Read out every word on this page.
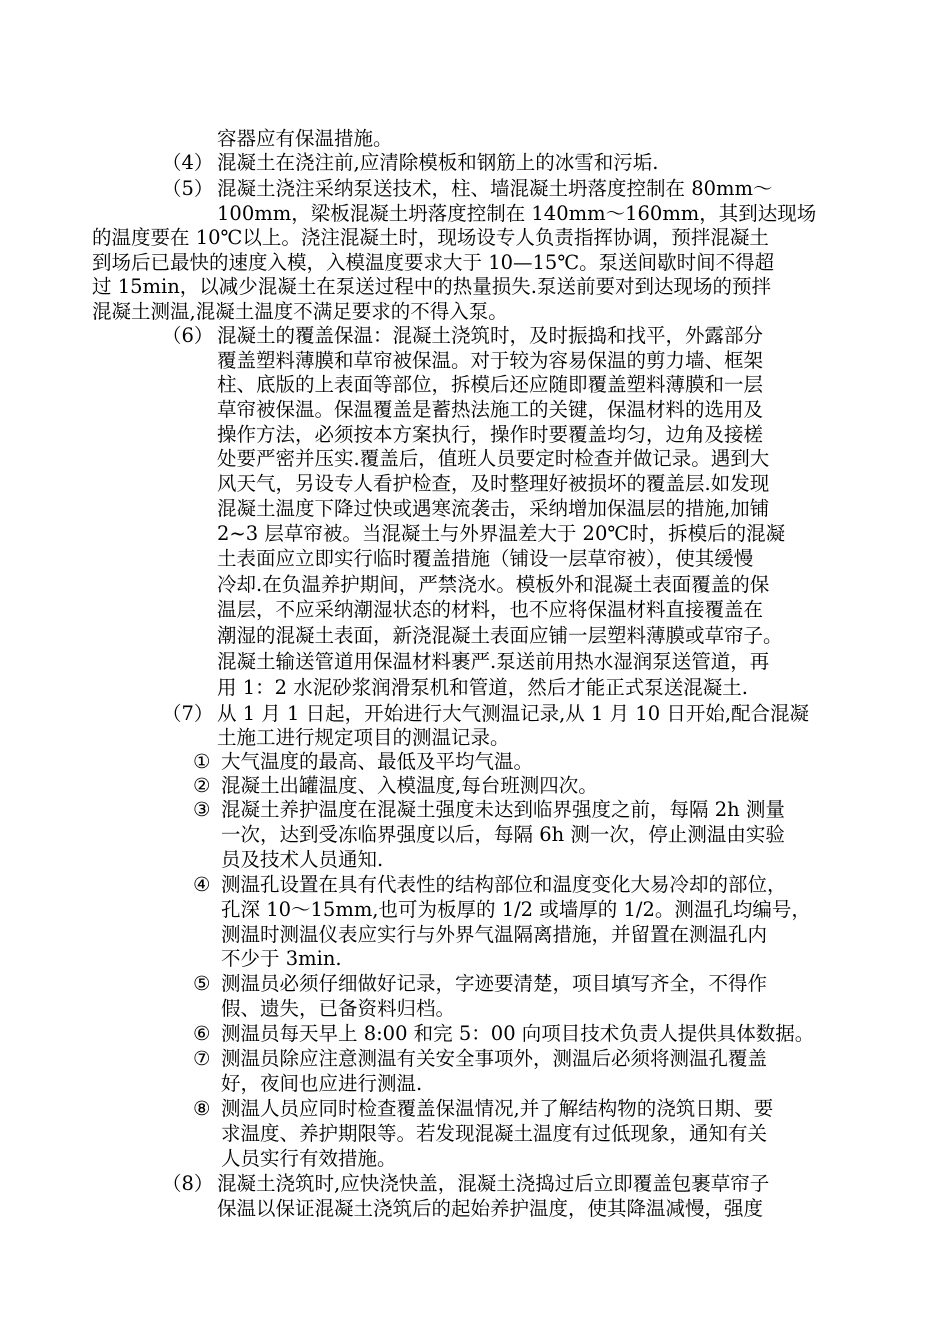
（4）
（5）
（6）
（7）
①
②
③
④
⑤
⑥
⑦
⑧
（8）

容器应有保温措施。

混凝土在浇注前,应清除模板和钢筋上的冰雪和污垢.

混凝土浇注采纳泵送技术，柱、墙混凝土坍落度控制在 80mm～

100mm，梁板混凝土坍落度控制在 140mm～160mm，其到达现场

的温度要在 10℃以上。浇注混凝土时，现场设专人负责指挥协调，预拌混凝土

到场后已最快的速度入模，入模温度要求大于 10—15℃。泵送间歇时间不得超

过 15min，以减少混凝土在泵送过程中的热量损失.泵送前要对到达现场的预拌

混凝土测温,混凝土温度不满足要求的不得入泵。

混凝土的覆盖保温：混凝土浇筑时，及时振捣和找平，外露部分

覆盖塑料薄膜和草帘被保温。对于较为容易保温的剪力墙、框架

柱、底版的上表面等部位，拆模后还应随即覆盖塑料薄膜和一层

草帘被保温。保温覆盖是蓄热法施工的关键，保温材料的选用及

操作方法，必须按本方案执行，操作时要覆盖均匀，边角及接槎

处要严密并压实.覆盖后，值班人员要定时检查并做记录。遇到大

风天气，另设专人看护检查，及时整理好被损坏的覆盖层.如发现

混凝土温度下降过快或遇寒流袭击，采纳增加保温层的措施,加铺

2~3 层草帘被。当混凝土与外界温差大于 20℃时，拆模后的混凝

土表面应立即实行临时覆盖措施（铺设一层草帘被），使其缓慢

冷却.在负温养护期间，严禁浇水。模板外和混凝土表面覆盖的保

温层，不应采纳潮湿状态的材料，也不应将保温材料直接覆盖在

潮湿的混凝土表面，新浇混凝土表面应铺一层塑料薄膜或草帘子。

混凝土输送管道用保温材料裹严.泵送前用热水湿润泵送管道，再

用 1：2 水泥砂浆润滑泵机和管道，然后才能正式泵送混凝土.

从 1 月 1 日起，开始进行大气测温记录,从 1 月 10 日开始,配合混凝

土施工进行规定项目的测温记录。

大气温度的最高、最低及平均气温。

混凝土出罐温度、入模温度,每台班测四次。

混凝土养护温度在混凝土强度未达到临界强度之前，每隔 2h 测量

一次，达到受冻临界强度以后，每隔 6h 测一次，停止测温由实验

员及技术人员通知.

测温孔设置在具有代表性的结构部位和温度变化大易冷却的部位，

孔深 10～15mm,也可为板厚的 1/2 或墙厚的 1/2。测温孔均编号，

测温时测温仪表应实行与外界气温隔离措施，并留置在测温孔内

不少于 3min.

测温员必须仔细做好记录，字迹要清楚，项目填写齐全，不得作

假、遗失，已备资料归档。

测温员每天早上 8:00 和完 5：00 向项目技术负责人提供具体数据。

测温员除应注意测温有关安全事项外，测温后必须将测温孔覆盖

好，夜间也应进行测温.

测温人员应同时检查覆盖保温情况,并了解结构物的浇筑日期、要

求温度、养护期限等。若发现混凝土温度有过低现象，通知有关

人员实行有效措施。

混凝土浇筑时,应快浇快盖，混凝土浇捣过后立即覆盖包裹草帘子

保温以保证混凝土浇筑后的起始养护温度，使其降温减慢，强度
